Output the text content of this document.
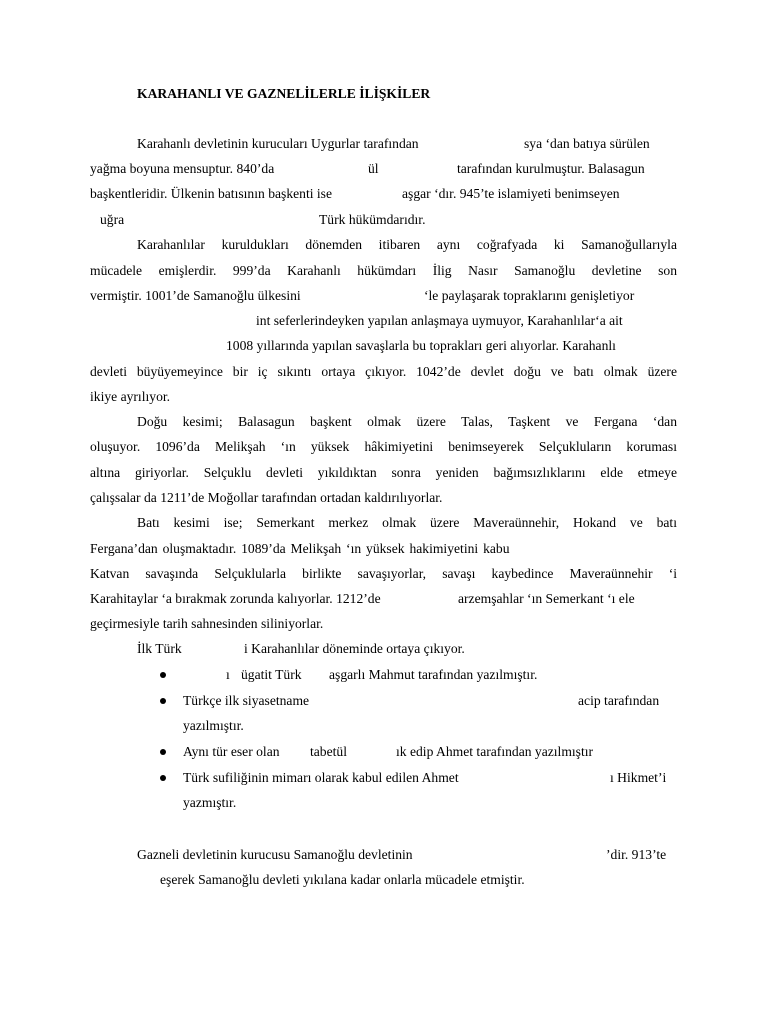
KARAHANLI VE GAZNELİLERLE İLİŞKİLER
Karahanlı devletinin kurucuları Uygurlar tarafından	sya ‘dan batıya sürülen
yağma boyuna mensuptur. 840’da	ül	tarafından kurulmuştur. Balasagun
başkentleridir. Ülkenin batısının başkenti ise	aşgar ‘dır. 945’te islamiyeti benimseyen
uğra	Türk hükümdarıdır.
Karahanlılar kuruldukları dönemden itibaren aynı coğrafyada ki Samanoğullarıyla
mücadele emişlerdir. 999’da Karahanlı hükümdarı İlig Nasır Samanoğlu devletine son
vermiştir. 1001’de Samanoğlu ülkesini	‘le paylaşarak topraklarını genişletiyor
int seferlerindeyken yapılan anlaşmaya uymuyor, Karahanlılar‘a ait
1008 yıllarında yapılan savaşlarla bu toprakları geri alıyorlar. Karahanlı
devleti büyüyemeyince bir iç sıkıntı ortaya çıkıyor. 1042’de devlet doğu ve batı olmak üzere
ikiye ayrılıyor.
Doğu kesimi; Balasagun başkent olmak üzere Talas, Taşkent ve Fergana ‘dan
oluşuyor. 1096’da Melikşah ‘ın yüksek hâkimiyetini benimseyerek Selçukluların koruması
altına giriyorlar. Selçuklu devleti yıkıldıktan sonra yeniden bağımsızlıklarını elde etmeye
çalışsalar da 1211’de Moğollar tarafından ortadan kaldırılıyorlar.
Batı kesimi ise; Semerkant merkez olmak üzere Maveraünnehir, Hokand ve batı
Fergana’dan oluşmaktadır. 1089’da Melikşah ‘ın yüksek hakimiyetini kabu
Katvan savaşında Selçuklularla birlikte savaşıyorlar, savaşı kaybedince Maveraünnehir ‘i
Karahitaylar ‘a bırakmak zorunda kalıyorlar. 1212’de	arzemşahlar ‘ın Semerkant ‘ı ele
geçirmesiyle tarih sahnesinden siliniyorlar.
İlk Türk	i Karahanlılar döneminde ortaya çıkıyor.
ı ügatit Türk aşgarlı Mahmut tarafından yazılmıştır.
Türkçe ilk siyasetname	acip tarafından
yazılmıştır.
Aynı tür eser olan tabetül	ık edip Ahmet tarafından yazılmıştır
Türk sufiliğinin mimarı olarak kabul edilen Ahmet	ı Hikmet’i
yazmıştır.
Gazneli devletinin kurucusu Samanoğlu devletinin	’dir. 913’te
eşerek Samanoğlu devleti yıkılana kadar onlarla mücadele etmiştir.
